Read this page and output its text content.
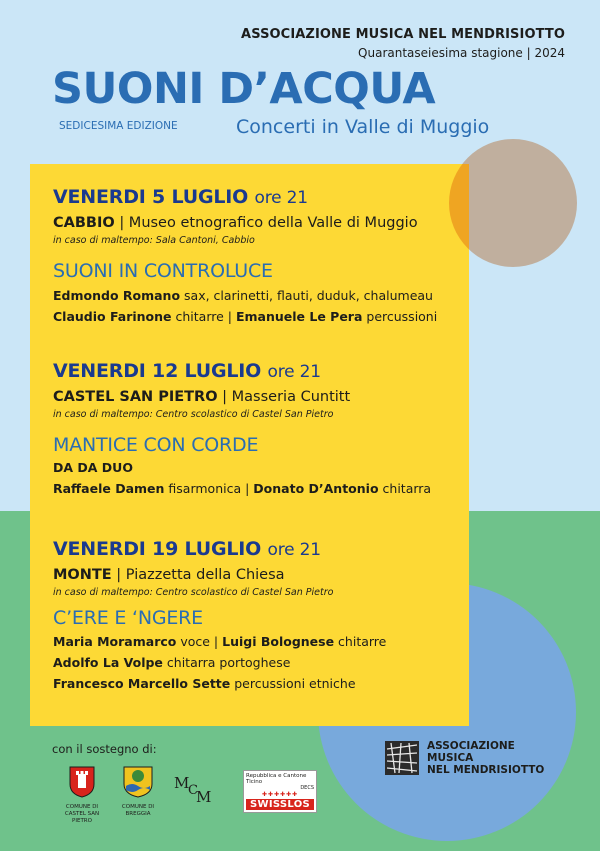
ASSOCIAZIONE MUSICA NEL MENDRISIOTTO
Quarantaseiesima stagione | 2024
SUONI D’ACQUA
SEDICESIMA EDIZIONE	Concerti in Valle di Muggio
VENERDI 5 LUGLIO ore 21
CABBIO | Museo etnografico della Valle di Muggio
in caso di maltempo: Sala Cantoni, Cabbio
SUONI IN CONTROLUCE
Edmondo Romano sax, clarinetti, flauti, duduk, chalumeau
Claudio Farinone chitarre | Emanuele Le Pera percussioni
VENERDI 12 LUGLIO ore 21
CASTEL SAN PIETRO | Masseria Cuntitt
in caso di maltempo: Centro scolastico di Castel San Pietro
MANTICE CON CORDE
DA DA DUO
Raffaele Damen fisarmonica | Donato D’Antonio chitarra
VENERDI 19 LUGLIO ore 21
MONTE | Piazzetta della Chiesa
in caso di maltempo: Centro scolastico di Castel San Pietro
C’ERE E ‘NGERE
Maria Moramarco voce | Luigi Bolognese chitarre
Adolfo La Volpe chitarra portoghese
Francesco Marcello Sette percussioni etniche
con il sostegno di:
COMUNE DI
CASTEL SAN PIETRO
COMUNE DI
BREGGIA
M
C
M
Repubblica e Cantone Ticino
DECS
✚✚✚✚✚✚
SWISSLOS
ASSOCIAZIONE
MUSICA
NEL MENDRISIOTTO
